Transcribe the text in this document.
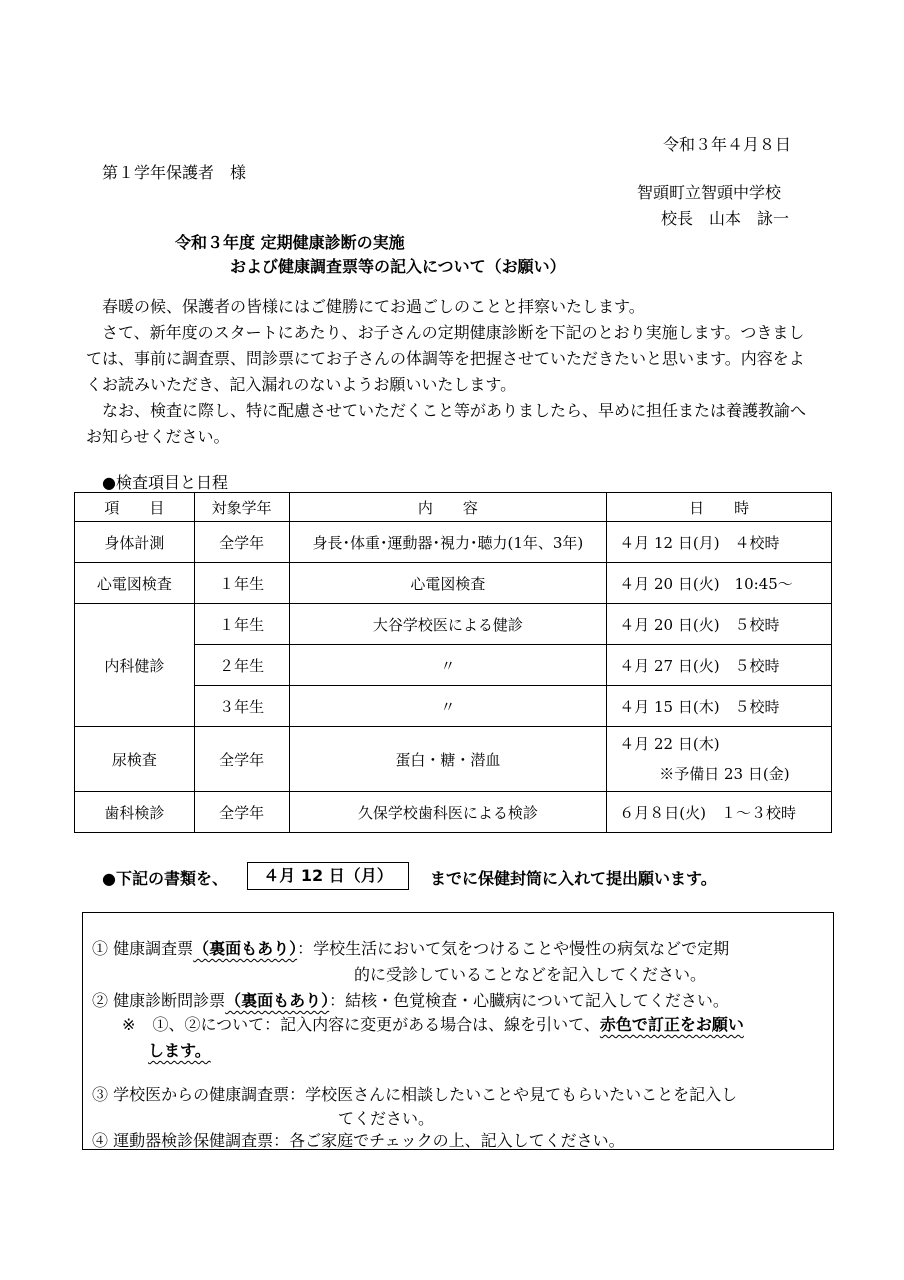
令和３年４月８日
第１学年保護者　様
智頭町立智頭中学校
校長　山本　詠一
令和３年度 定期健康診断の実施
および健康調査票等の記入について（お願い）

春暖の候、保護者の皆様にはご健勝にてお過ごしのことと拝察いたします。

さて、新年度のスタートにあたり、お子さんの定期健康診断を下記のとおり実施します。つきましては、事前に調査票、問診票にてお子さんの体調等を把握させていただきたいと思います。内容をよくお読みいただき、記入漏れのないようお願いいたします。

なお、検査に際し、特に配慮させていただくこと等がありましたら、早めに担任または養護教諭へお知らせください。

●検査項目と日程
項　　目	対象学年	内　　容	日　　時
身体計測	全学年	身長･体重･運動器･視力･聴力(1年、3年)	４月 12 日(月)　４校時
心電図検査	１年生	心電図検査	４月 20 日(火)　10:45～
内科健診	１年生	大谷学校医による健診	４月 20 日(火)　５校時
	２年生	〃	４月 27 日(火)　５校時
	３年生	〃	４月 15 日(木)　５校時
尿検査	全学年	蛋白・糖・潜血	４月 22 日(木)
※予備日 23 日(金)

歯科検診	全学年	久保学校歯科医による検診	６月８日(火)　１～３校時
●下記の書類を、	４月 12 日（月）	までに保健封筒に入れて提出願います。
① 健康調査票（裏面もあり）：学校生活において気をつけることや慢性の病気などで定期
的に受診していることなどを記入してください。
② 健康診断問診票（裏面もあり）：結核・色覚検査・心臓病について記入してください。
※ ①、②について：記入内容に変更がある場合は、線を引いて、赤色で訂正をお願い
します。
③ 学校医からの健康調査票：学校医さんに相談したいことや見てもらいたいことを記入し
てください。
④ 運動器検診保健調査票：各ご家庭でチェックの上、記入してください。
